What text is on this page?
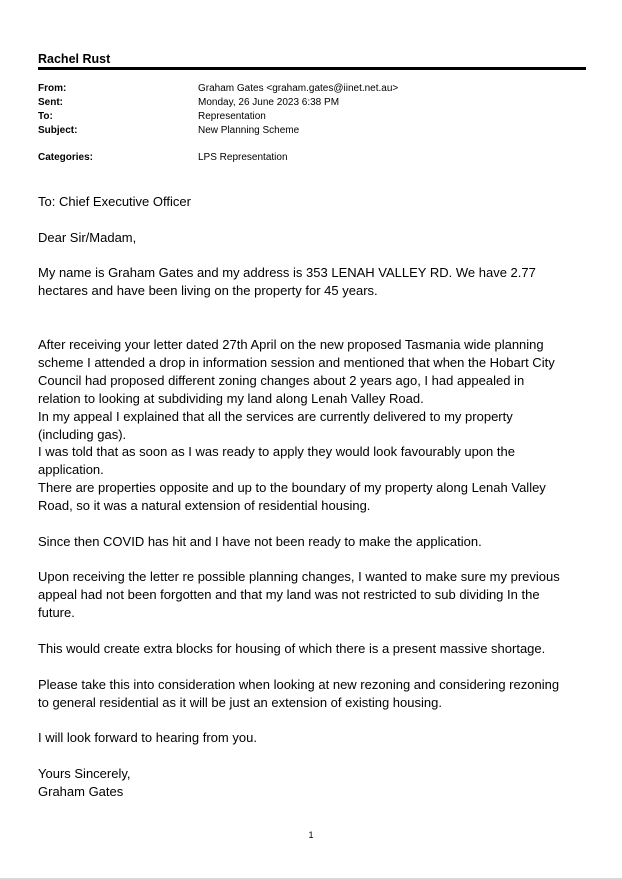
Rachel Rust
From:	Graham Gates <graham.gates@iinet.net.au>
Sent:	Monday, 26 June 2023 6:38 PM
To:	Representation
Subject:	New Planning Scheme
Categories:	LPS Representation
To: Chief Executive Officer
Dear Sir/Madam,
My name is Graham Gates and my address is 353 LENAH VALLEY RD. We have 2.77
hectares and have been living on the property for 45 years.
After receiving your letter dated 27th April on the new proposed Tasmania wide planning
scheme I attended a drop in information session and mentioned that when the Hobart City
Council had proposed different zoning changes about 2 years ago, I had appealed in
relation to looking at subdividing my land along Lenah Valley Road.
In my appeal I explained that all the services are currently delivered to my property
(including gas).
I was told that as soon as I was ready to apply they would look favourably upon the
application.
There are properties opposite and up to the boundary of my property along Lenah Valley
Road, so it was a natural extension of residential housing.
Since then COVID has hit and I have not been ready to make the application.
Upon receiving the letter re possible planning changes, I wanted to make sure my previous
appeal had not been forgotten and that my land was not restricted to sub dividing In the
future.
This would create extra blocks for housing of which there is a present massive shortage.
Please take this into consideration when looking at new rezoning and considering rezoning
to general residential as it will be just an extension of existing housing.
I will look forward to hearing from you.
Yours Sincerely,
Graham Gates
1
